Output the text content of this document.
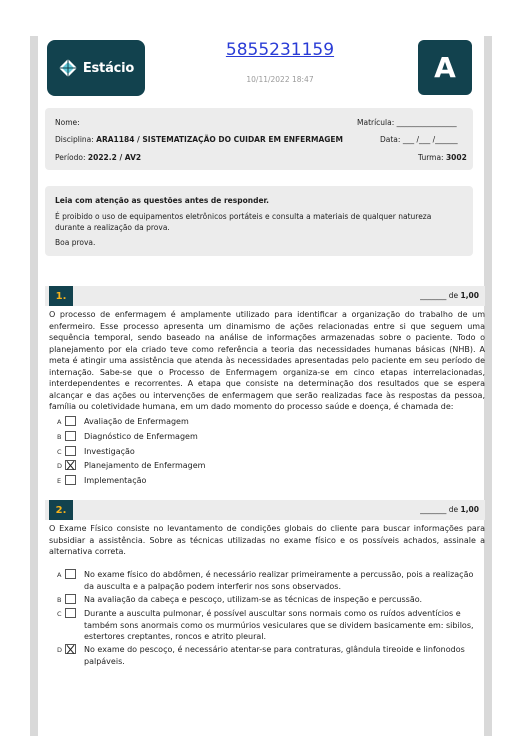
Estácio
5855231159
10/11/2022 18:47	A
Nome:	Matrícula: ________________
Disciplina: ARA1184 / SISTEMATIZAÇÃO DO CUIDAR EM ENFERMAGEM	Data: ___ /___ /______
Período: 2022.2 / AV2	Turma: 3002
Leia com atenção as questões antes de responder.
É proibido o uso de equipamentos eletrônicos portáteis e consulta a materiais de qualquer natureza durante a realização da prova.
Boa prova.
1.	_______ de 1,00
O processo de enfermagem é amplamente utilizado para identificar a organização do trabalho de um enfermeiro. Esse processo apresenta um dinamismo de ações relacionadas entre si que seguem uma sequência temporal, sendo baseado na análise de informações armazenadas sobre o paciente. Todo o planejamento por ela criado teve como referência a teoria das necessidades humanas básicas (NHB). A meta é atingir uma assistência que atenda às necessidades apresentadas pelo paciente em seu período de internação. Sabe-se que o Processo de Enfermagem organiza-se em cinco etapas interrelacionadas, interdependentes e recorrentes. A etapa que consiste na determinação dos resultados que se espera alcançar e das ações ou intervenções de enfermagem que serão realizadas face às respostas da pessoa, família ou coletividade humana, em um dado momento do processo saúde e doença, é chamada de:
A	Avaliação de Enfermagem
B	Diagnóstico de Enfermagem
C	Investigação
D	Planejamento de Enfermagem
E	Implementação
2.	_______ de 1,00
O Exame Físico consiste no levantamento de condições globais do cliente para buscar informações para subsidiar a assistência. Sobre as técnicas utilizadas no exame físico e os possíveis achados, assinale a alternativa correta.
A	No exame físico do abdômen, é necessário realizar primeiramente a percussão, pois a realização da ausculta e a palpação podem interferir nos sons observados.
B	Na avaliação da cabeça e pescoço, utilizam-se as técnicas de inspeção e percussão.
C	Durante a ausculta pulmonar, é possível auscultar sons normais como os ruídos adventícios e também sons anormais como os murmúrios vesiculares que se dividem basicamente em: sibilos, estertores creptantes, roncos e atrito pleural.
D	No exame do pescoço, é necessário atentar-se para contraturas, glândula tireoide e linfonodos palpáveis.
